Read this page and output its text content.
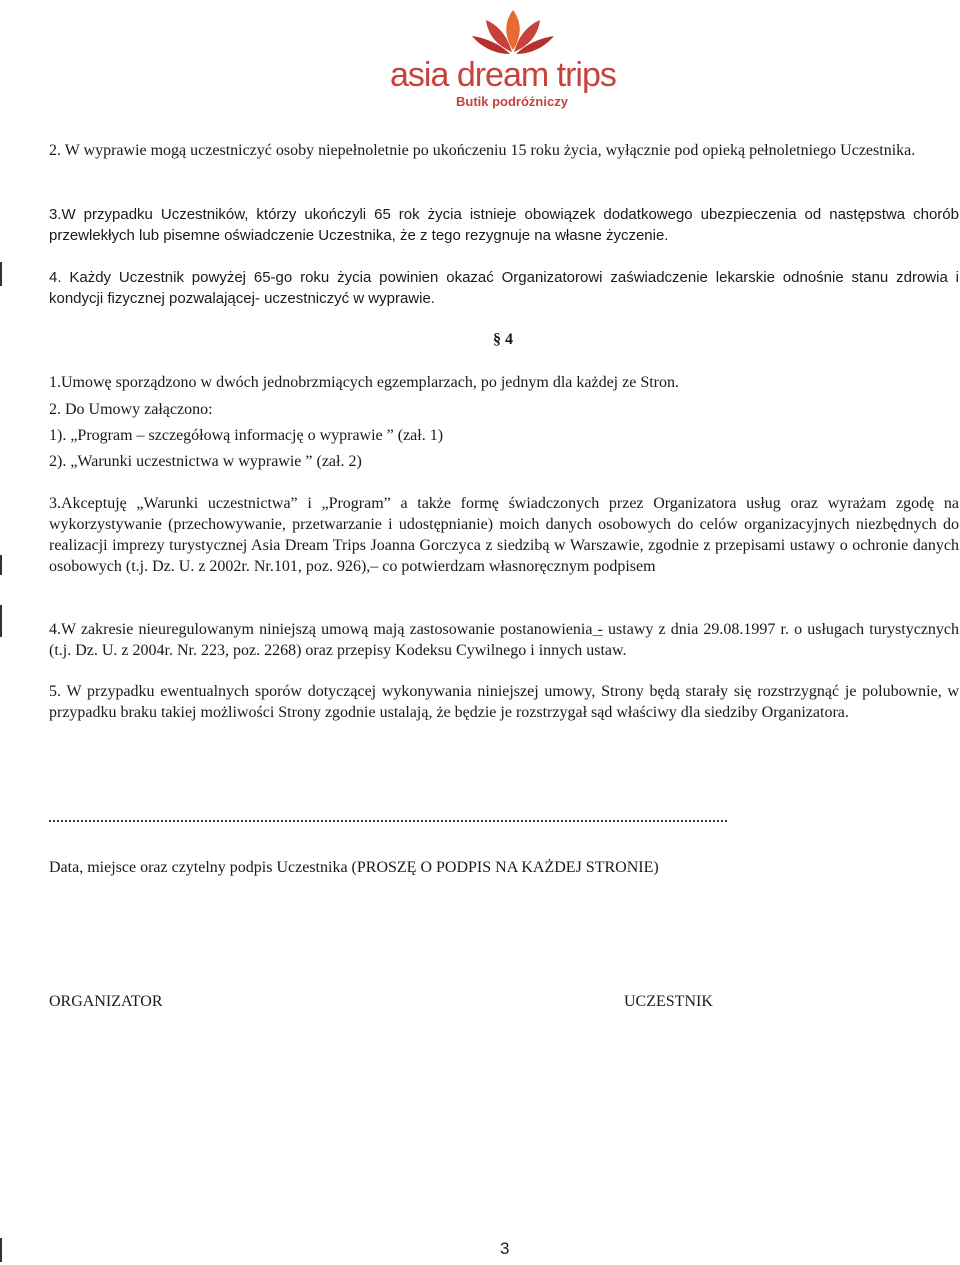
asia dream trips
Butik podróżniczy

2. W wyprawie mogą uczestniczyć osoby niepełnoletnie po ukończeniu 15 roku życia, wyłącznie pod opieką pełnoletniego Uczestnika.

3.W przypadku Uczestników, którzy ukończyli 65 rok życia istnieje obowiązek dodatkowego ubezpieczenia od następstwa chorób przewlekłych lub pisemne oświadczenie Uczestnika, że z tego rezygnuje na własne życzenie.

4. Każdy Uczestnik powyżej 65-go roku życia powinien okazać Organizatorowi zaświadczenie lekarskie odnośnie stanu zdrowia i kondycji fizycznej pozwalającej- uczestniczyć w wyprawie.

§ 4

1.Umowę sporządzono w dwóch jednobrzmiących egzemplarzach, po jednym dla każdej ze Stron.

2. Do Umowy załączono:

1). „Program – szczegółową informację o wyprawie ” (zał. 1)

2). „Warunki uczestnictwa w wyprawie ” (zał. 2)

3.Akceptuję „Warunki uczestnictwa” i „Program” a także formę świadczonych przez Organizatora usług oraz wyrażam zgodę na wykorzystywanie (przechowywanie, przetwarzanie i udostępnianie) moich danych osobowych do celów organizacyjnych niezbędnych do realizacji imprezy turystycznej Asia Dream Trips Joanna Gorczyca z siedzibą w Warszawie, zgodnie z przepisami ustawy o ochronie danych osobowych (t.j. Dz. U. z 2002r. Nr.101, poz. 926),– co potwierdzam własnoręcznym podpisem

4.W zakresie nieuregulowanym niniejszą umową mają zastosowanie postanowienia - ustawy z dnia 29.08.1997 r. o usługach turystycznych (t.j. Dz. U. z 2004r. Nr. 223, poz. 2268) oraz przepisy Kodeksu Cywilnego i innych ustaw.

5. W przypadku ewentualnych sporów dotyczącej wykonywania niniejszej umowy, Strony będą starały się rozstrzygnąć je polubownie, w przypadku braku takiej możliwości Strony zgodnie ustalają, że będzie je rozstrzygał sąd właściwy dla siedziby Organizatora.

Data, miejsce oraz czytelny podpis Uczestnika (PROSZĘ O PODPIS NA KAŻDEJ STRONIE)

ORGANIZATOR	UCZESTNIK

3
